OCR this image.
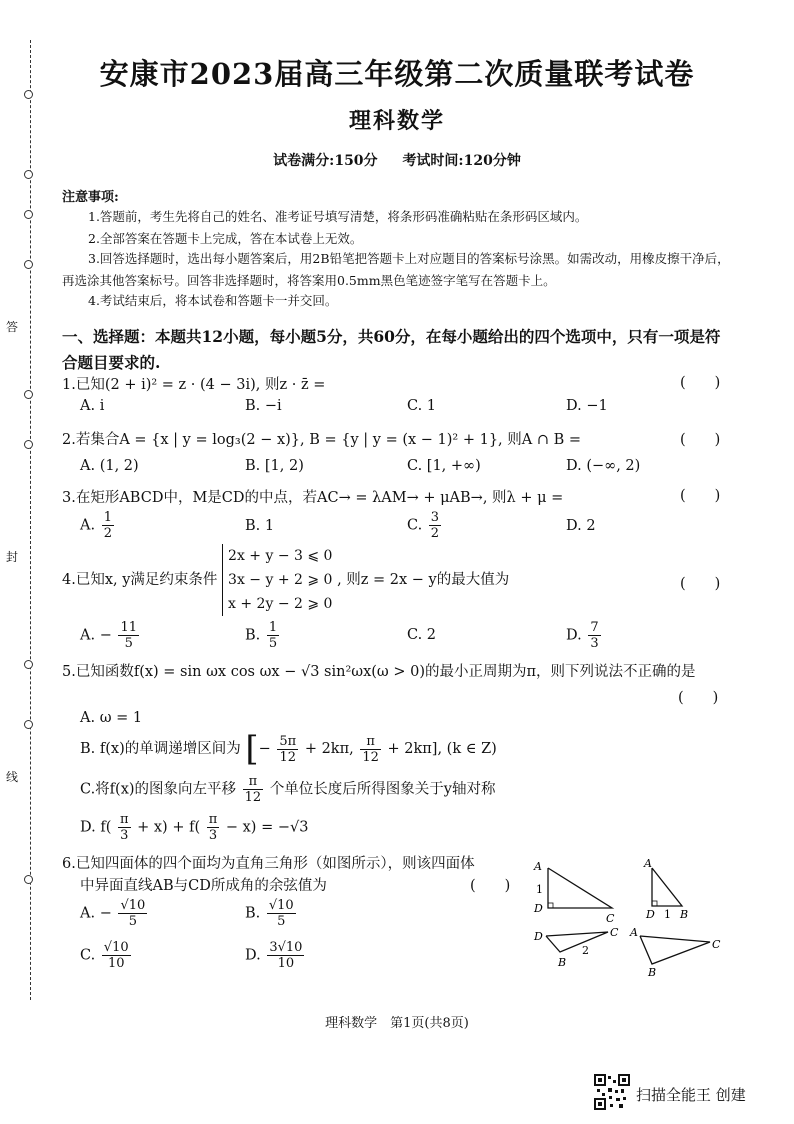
答
封
线
安康市2023届高三年级第二次质量联考试卷
理科数学
试卷满分:150分 考试时间:120分钟
注意事项:
1.答题前，考生先将自己的姓名、准考证号填写清楚，将条形码准确粘贴在条形码区域内。
2.全部答案在答题卡上完成，答在本试卷上无效。
3.回答选择题时，选出每小题答案后，用2B铅笔把答题卡上对应题目的答案标号涂黑。如需改动，用橡皮擦干净后，再选涂其他答案标号。回答非选择题时，将答案用0.5mm黑色笔迹签字笔写在答题卡上。
4.考试结束后，将本试卷和答题卡一并交回。
一、选择题：本题共12小题，每小题5分，共60分，在每小题给出的四个选项中，只有一项是符合题目要求的.
1.已知(2 + i)² = z · (4 − 3i), 则z · z̄ =	(　　)
A. i	B. −i	C. 1	D. −1
2.若集合A = {x | y = log₃(2 − x)}, B = {y | y = (x − 1)² + 1}, 则A ∩ B =	(　　)
A. (1, 2)	B. [1, 2)	C. [1, +∞)	D. (−∞, 2)
3.在矩形ABCD中，M是CD的中点，若AC→ = λAM→ + μAB→, 则λ + μ =	(　　)
A. $\frac{1}{2}$	B. 1	C. $\frac{3}{2}$	D. 2
4.已知x, y满足约束条件
2x + y − 3 ⩽ 0
3x − y + 2 ⩾ 0
x + 2y − 2 ⩾ 0
, 则z = 2x − y的最大值为	(　　)
A. − $\frac{11}{5}$	B. $\frac{1}{5}$	C. 2	D. $\frac{7}{3}$
5.已知函数f(x) = sin ωx cos ωx − √3 sin²ωx(ω > 0)的最小正周期为π，则下列说法不正确的是
(　　)
A. ω = 1
B. f(x)的单调递增区间为 [− $\frac{5\pi}{12} + 2k\pi$, $\frac{\pi}{12} + 2k\pi$], (k ∈ Z)
C.将f(x)的图象向左平移 $\frac{\pi}{12}$ 个单位长度后所得图象关于y轴对称
D. $f( \frac{\pi}{3} + x) + f( \frac{\pi}{3} - x) = -√3$
6.已知四面体的四个面均为直角三角形（如图所示），则该四面体
中异面直线AB与CD所成角的余弦值为	(　　)
A. − $\frac{√10}{5}$	B. $\frac{√10}{5}$
C. $\frac{√10}{10}$	D. $\frac{3√10}{10}$
A
1
D
C
A
D 1 B
D	C
B
2
A
C
B
理科数学　第1页(共8页)
扫描全能王 创建
